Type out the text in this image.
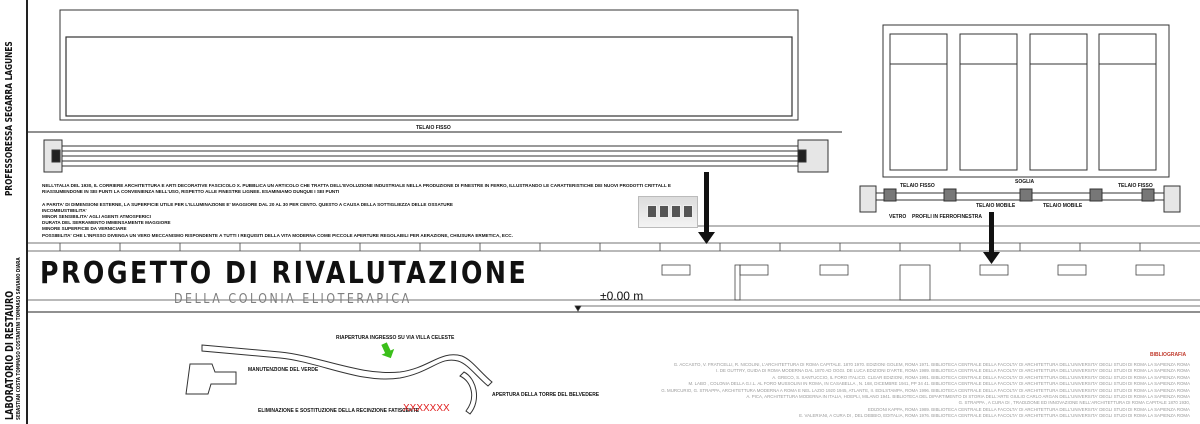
PROFESSORESSA SEGARRA LAGUNES
LABORATORIO DI RESTAURO SEBASTIAN COSTA TOMMASO COSTANTINI TOMMASO SAVIANO DIARA
TELAIO FISSO
TELAIO FISSO
SOGLIA
TELAIO FISSO
VETRO PROFILI IN FERROFINESTRA
TELAIO MOBILE	TELAIO MOBILE
NELL'ITALIA DEL 1930, IL CORRIERE ARCHITETTURA E ARTI DECORATIVE FASCICOLO X. PUBBLICA UN ARTICOLO CHE TRATTA DELL'EVOLUZIONE INDUSTRIALE NELLA PRODUZIONE DI FINESTRE IN FERRO, ILLUSTRANDO LE CARATTERISTICHE DEI NUOVI PRODOTTI CRITTALL E
RIASSUMENDONE IN SEI PUNTI LA CONVENIENZA NELL'USO, RISPETTO ALLE FINESTRE LIGNEE. ESAMINIAMO DUNQUE I SEI PUNTI

A PARITA' DI DIMENSIONI ESTERNE, LA SUPERFICIE UTILE PER L'ILLUMINAZIONE E' MAGGIORE DAL 20 AL 30 PER CENTO. QUESTO A CAUSA DELLA SOTTIGLIEZZA DELLE OSSATURE
INCOMBUSTIBILITA'
MINOR SENSIBILITA' AGLI AGENTI ATMOSFERICI
DURATA DEL SERRAMENTO IMMENSAMENTE MAGGIORE
MINORE SUPERFICIE DA VERNICIARE
POSSIBILITA' CHE L'INFISSO DIVENGA UN VERO MECCANISMO RISPONDENTE A TUTTI I REQUISITI DELLA VITA MODERNA COME PICCOLE APERTURE REGOLABILI PER AERAZIONE, CHIUSURA ERMETICA, ECC.
PROGETTO DI RIVALUTAZIONE
DELLA COLONIA ELIOTERAPICA	±0.00 m
RIAPERTURA INGRESSO SU VIA VILLA CELESTE
MANUTENZIONE DEL VERDE
APERTURA DELLA TORRE DEL BELVEDERE
ELIMINAZIONE E SOSTITUZIONE DELLA RECINZIONE FATISCENTE
XXXXXXX
BIBLIOGRAFIA
G. ACCASTO, V. FRATICELLI, R. NICOLINI, L'ARCHITETTURA DI ROMA CAPITALE. 1870 1970. EDIZIONI GOLEM, ROMA 1971. BIBLIOTECA CENTRALE DELLA FACOLTA' DI ARCHITETTURA DELL'UNIVERSITA' DEGLI STUDI DI ROMA LA SAPIENZA ROMA
I. DE GUTTRY, GUIDA DI ROMA MODERNA DAL 1870 AD OGGI. DE LUCA EDIZIONI D'ARTE, ROMA 1989. BIBLIOTECA CENTRALE DELLA FACOLTA' DI ARCHITETTURA DELL'UNIVERSITA' DEGLI STUDI DI ROMA LA SAPIENZA ROMA
A. GRECO, S. SANTUCCIO, IL FORO ITALICO. CLEAR EDIZIONI, ROMA 1991. BIBLIOTECA CENTRALE DELLA FACOLTA' DI ARCHITETTURA DELL'UNIVERSITA' DEGLI STUDI DI ROMA LA SAPIENZA ROMA
M. LABO , COLONIA DELLA G.I.L. AL FORO MUSSOLINI IN ROMA, IN CASABELLA , N. 168, DICEMBRE 1941, PP 34 41. BIBLIOTECA CENTRALE DELLA FACOLTA' DI ARCHITETTURA DELL'UNIVERSITA' DEGLI STUDI DI ROMA LA SAPIENZA ROMA
G. MURCURIO, G. STRAPPA, ARCHITETTURA MODERNA A ROMA E NEL LAZIO 1920 1945, ATLANTE, II. EDILSTAMPA, ROMA 1996. BIBLIOTECA CENTRALE DELLA FACOLTA' DI ARCHITETTURA DELL'UNIVERSITA' DEGLI STUDI DI ROMA LA SAPIENZA ROMA
A. PICA, ARCHITETTURA MODERNA IN ITALIA, HOEPLI, MILANO 1941. BIBLIOTECA DEL DIPARTIMENTO DI STORIA DELL'ARTE GIULIO CARLO ARGAN DELL'UNIVERSITA' DEGLI STUDI DI ROMA LA SAPIENZA ROMA
G. STRAPPA , A CURA DI , TRADIZIONE ED INNOVAZIONE NELL'ARCHITETTURA DI ROMA CAPITALE 1870 1930,
EDIZIONI KAPPA, ROMA 1989. BIBLIOTECA CENTRALE DELLA FACOLTA' DI ARCHITETTURA DELL'UNIVERSITA' DEGLI STUDI DI ROMA LA SAPIENZA ROMA
E. VALERIANI, A CURA DI , DEL DEBBIO, EDITALIA, ROMA 1976. BIBLIOTECA CENTRALE DELLA FACOLTA' DI ARCHITETTURA DELL'UNIVERSITA' DEGLI STUDI DI ROMA LA SAPIENZA ROMA
